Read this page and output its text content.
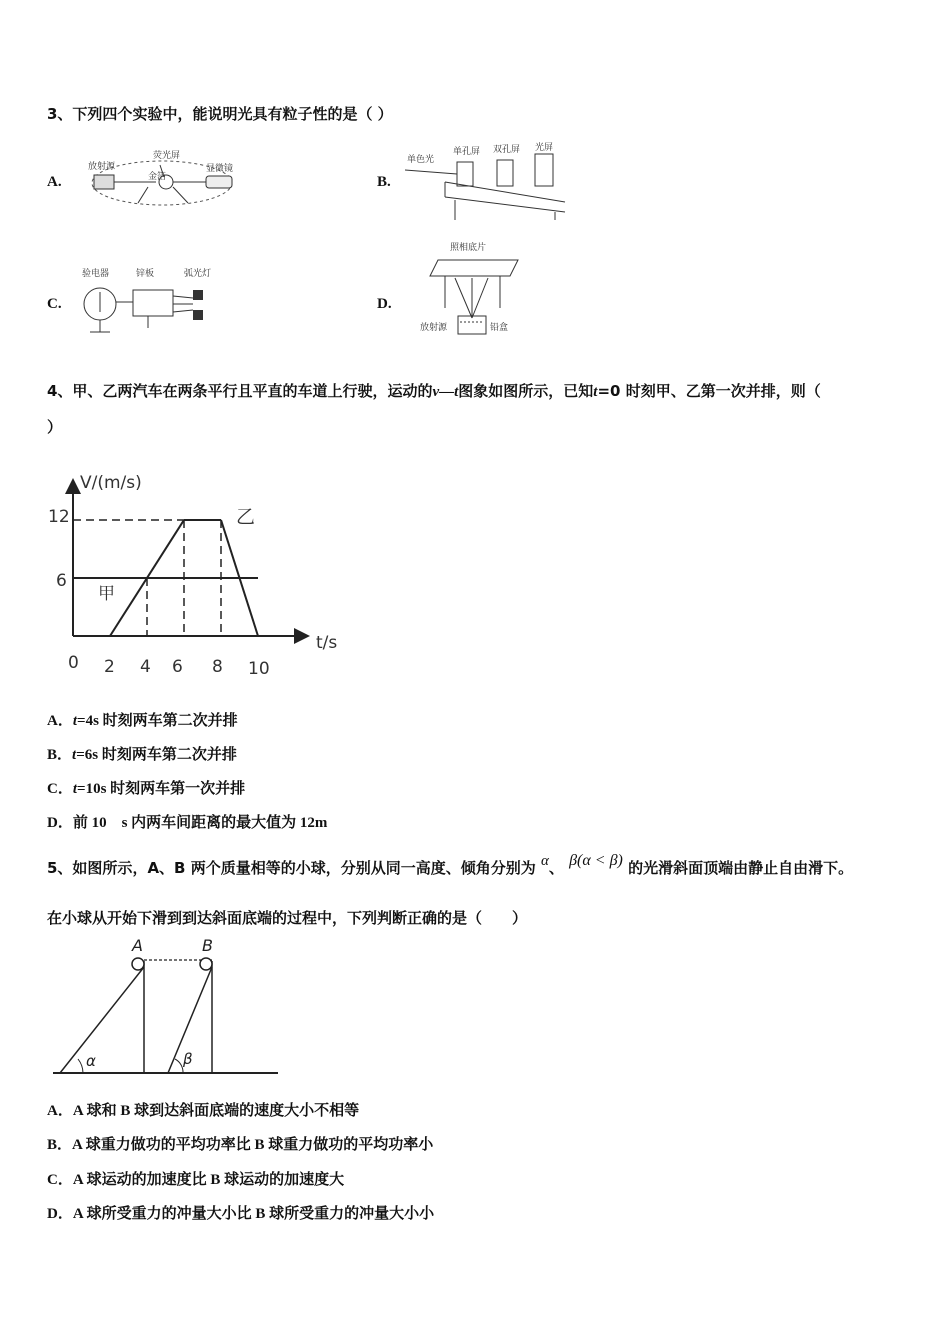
3、下列四个实验中，能说明光具有粒子性的是（ ）
A.
放射源
荧光屏
显微镜
金箔	B.
单色光
单孔屏 双孔屏 光屏
C.
验电器	锌板	弧光灯
D.
照相底片
放射源	铅盒
4、甲、乙两汽车在两条平行且平直的车道上行驶，运动的v—t图象如图所示，已知t=0 时刻甲、乙第一次并排，则（
）
V/(m/s)
t/s
12
6
0 2 4 6 8 10
甲
乙
A．t=4s 时刻两车第二次并排
B．t=6s 时刻两车第二次并排
C．t=10s 时刻两车第一次并排
D．前 10　s 内两车间距离的最大值为 12m
5、如图所示，A、B 两个质量相等的小球，分别从同一高度、倾角分别为 α、 β(α < β) 的光滑斜面顶端由静止自由滑下。
在小球从开始下滑到到达斜面底端的过程中，下列判断正确的是（　　）
A	B
α	β
A．A 球和 B 球到达斜面底端的速度大小不相等
B．A 球重力做功的平均功率比 B 球重力做功的平均功率小
C．A 球运动的加速度比 B 球运动的加速度大
D．A 球所受重力的冲量大小比 B 球所受重力的冲量大小小
